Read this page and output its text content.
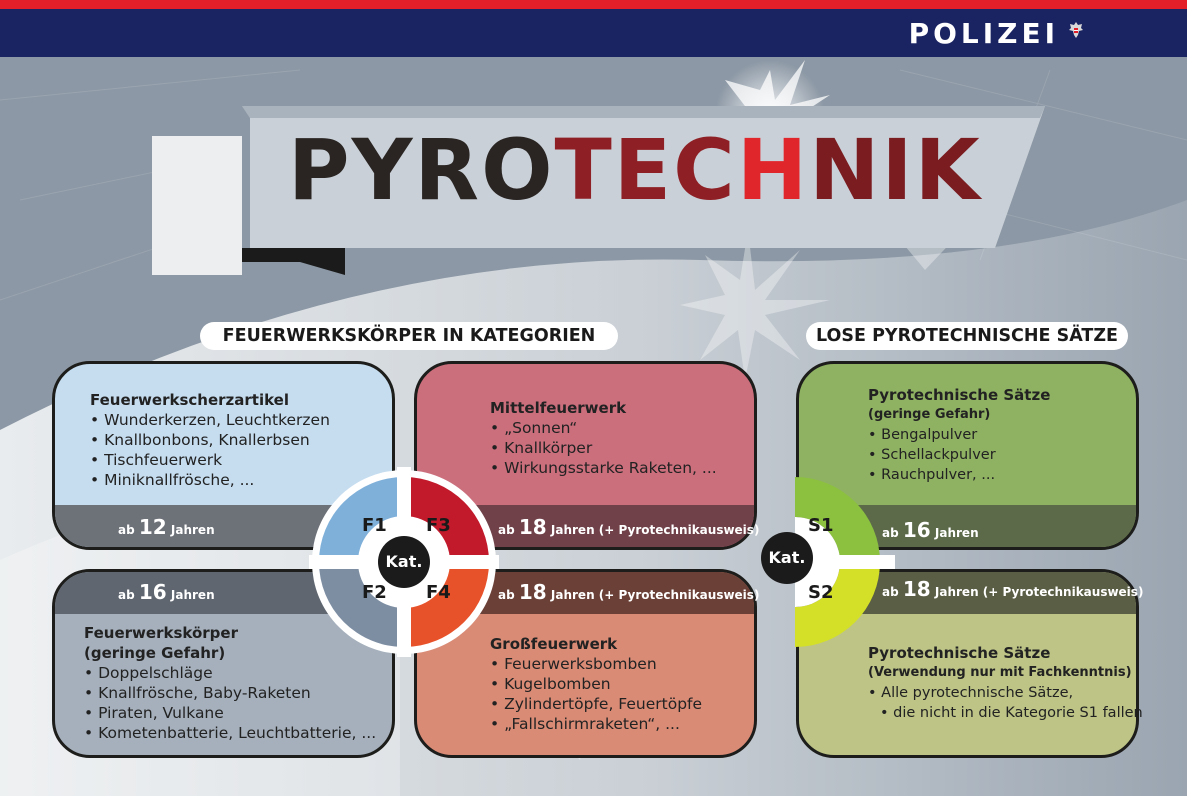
POLIZEI
PYROTECHNIK
FEUERWERKSKÖRPER IN KATEGORIEN	LOSE PYROTECHNISCHE SÄTZE
Feuerwerkscherzartikel
• Wunderkerzen, Leuchtkerzen
• Knallbonbons, Knallerbsen
• Tischfeuerwerk
• Miniknallfrösche, ...
ab 12 Jahren
Mittelfeuerwerk
• „Sonnen“
• Knallkörper
• Wirkungsstarke Raketen, ...
ab 18 Jahren (+ Pyrotechnikausweis)
ab 16 Jahren
Feuerwerkskörper
(geringe Gefahr)
• Doppelschläge
• Knallfrösche, Baby-Raketen
• Piraten, Vulkane
• Kometenbatterie, Leuchtbatterie, ...
ab 18 Jahren (+ Pyrotechnikausweis)
Großfeuerwerk
• Feuerwerksbomben
• Kugelbomben
• Zylindertöpfe, Feuertöpfe
• „Fallschirmraketen“, ...
Pyrotechnische Sätze
(geringe Gefahr)
• Bengalpulver
• Schellackpulver
• Rauchpulver, ...
ab 16 Jahren
ab 18 Jahren (+ Pyrotechnikausweis)
Pyrotechnische Sätze
(Verwendung nur mit Fachkenntnis)
• Alle pyrotechnische Sätze,
• die nicht in die Kategorie S1 fallen
F1 F3
F2 F4
Kat.
S1
S2
Kat.
